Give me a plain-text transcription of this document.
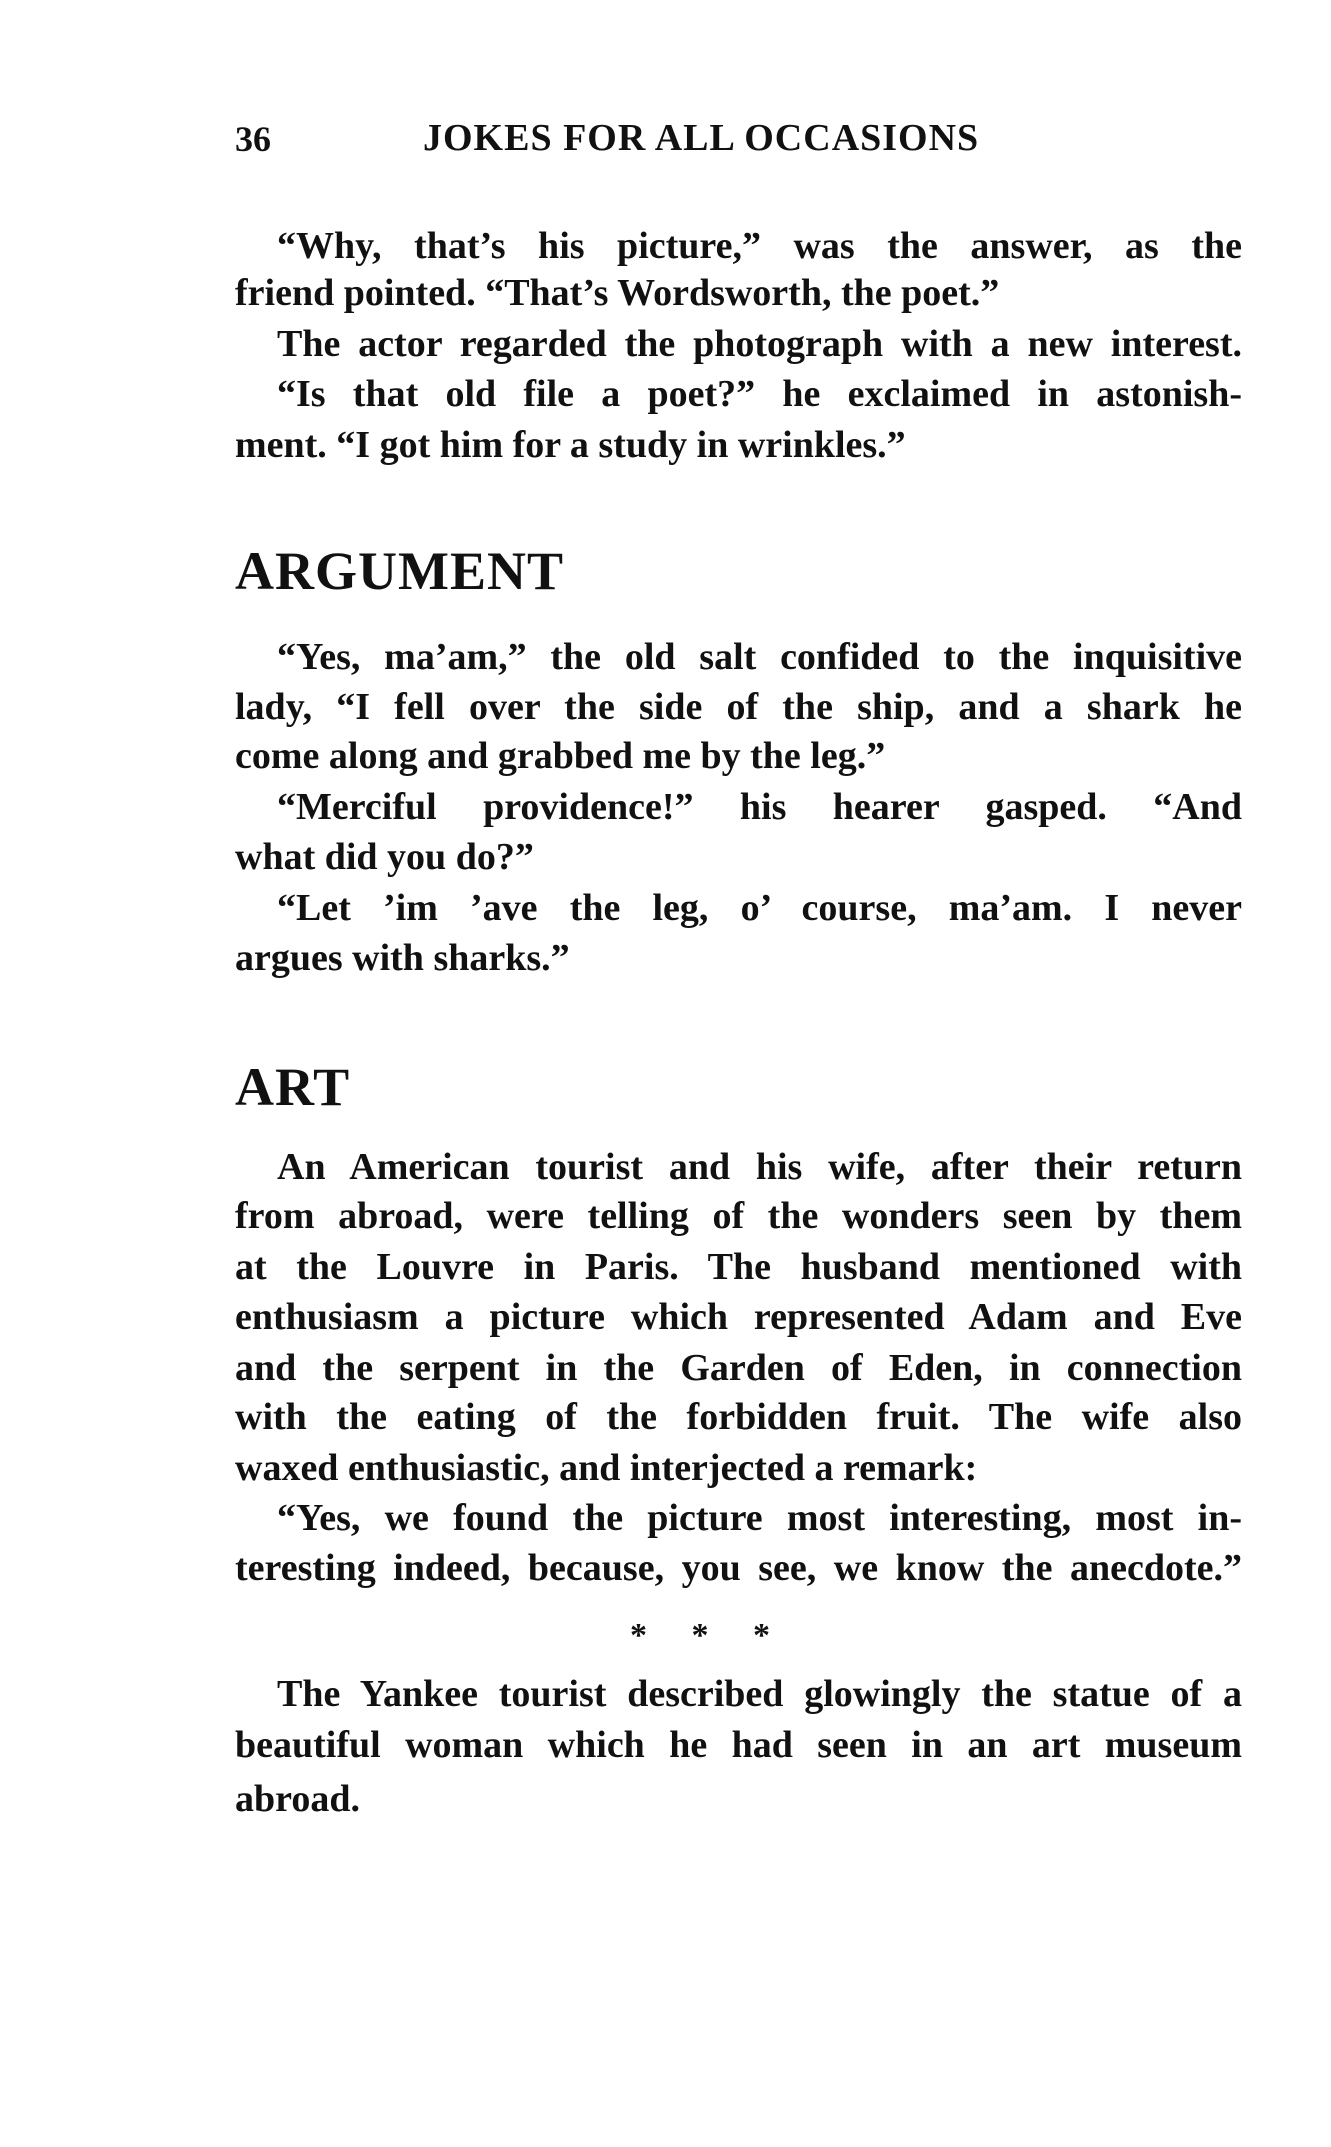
36	JOKES FOR ALL OCCASIONS
“Why, that’s his picture,” was the answer, as the
friend pointed. “That’s Wordsworth, the poet.”
The actor regarded the photograph with a new interest.
“Is that old file a poet?” he exclaimed in astonish-
ment. “I got him for a study in wrinkles.”
ARGUMENT
“Yes, ma’am,” the old salt confided to the inquisitive
lady, “I fell over the side of the ship, and a shark he
come along and grabbed me by the leg.”
“Merciful providence!” his hearer gasped. “And
what did you do?”
“Let ’im ’ave the leg, o’ course, ma’am. I never
argues with sharks.”
ART
An American tourist and his wife, after their return
from abroad, were telling of the wonders seen by them
at the Louvre in Paris. The husband mentioned with
enthusiasm a picture which represented Adam and Eve
and the serpent in the Garden of Eden, in connection
with the eating of the forbidden fruit. The wife also
waxed enthusiastic, and interjected a remark:
“Yes, we found the picture most interesting, most in-
teresting indeed, because, you see, we know the anecdote.”
* * *
The Yankee tourist described glowingly the statue of a
beautiful woman which he had seen in an art museum
abroad.
